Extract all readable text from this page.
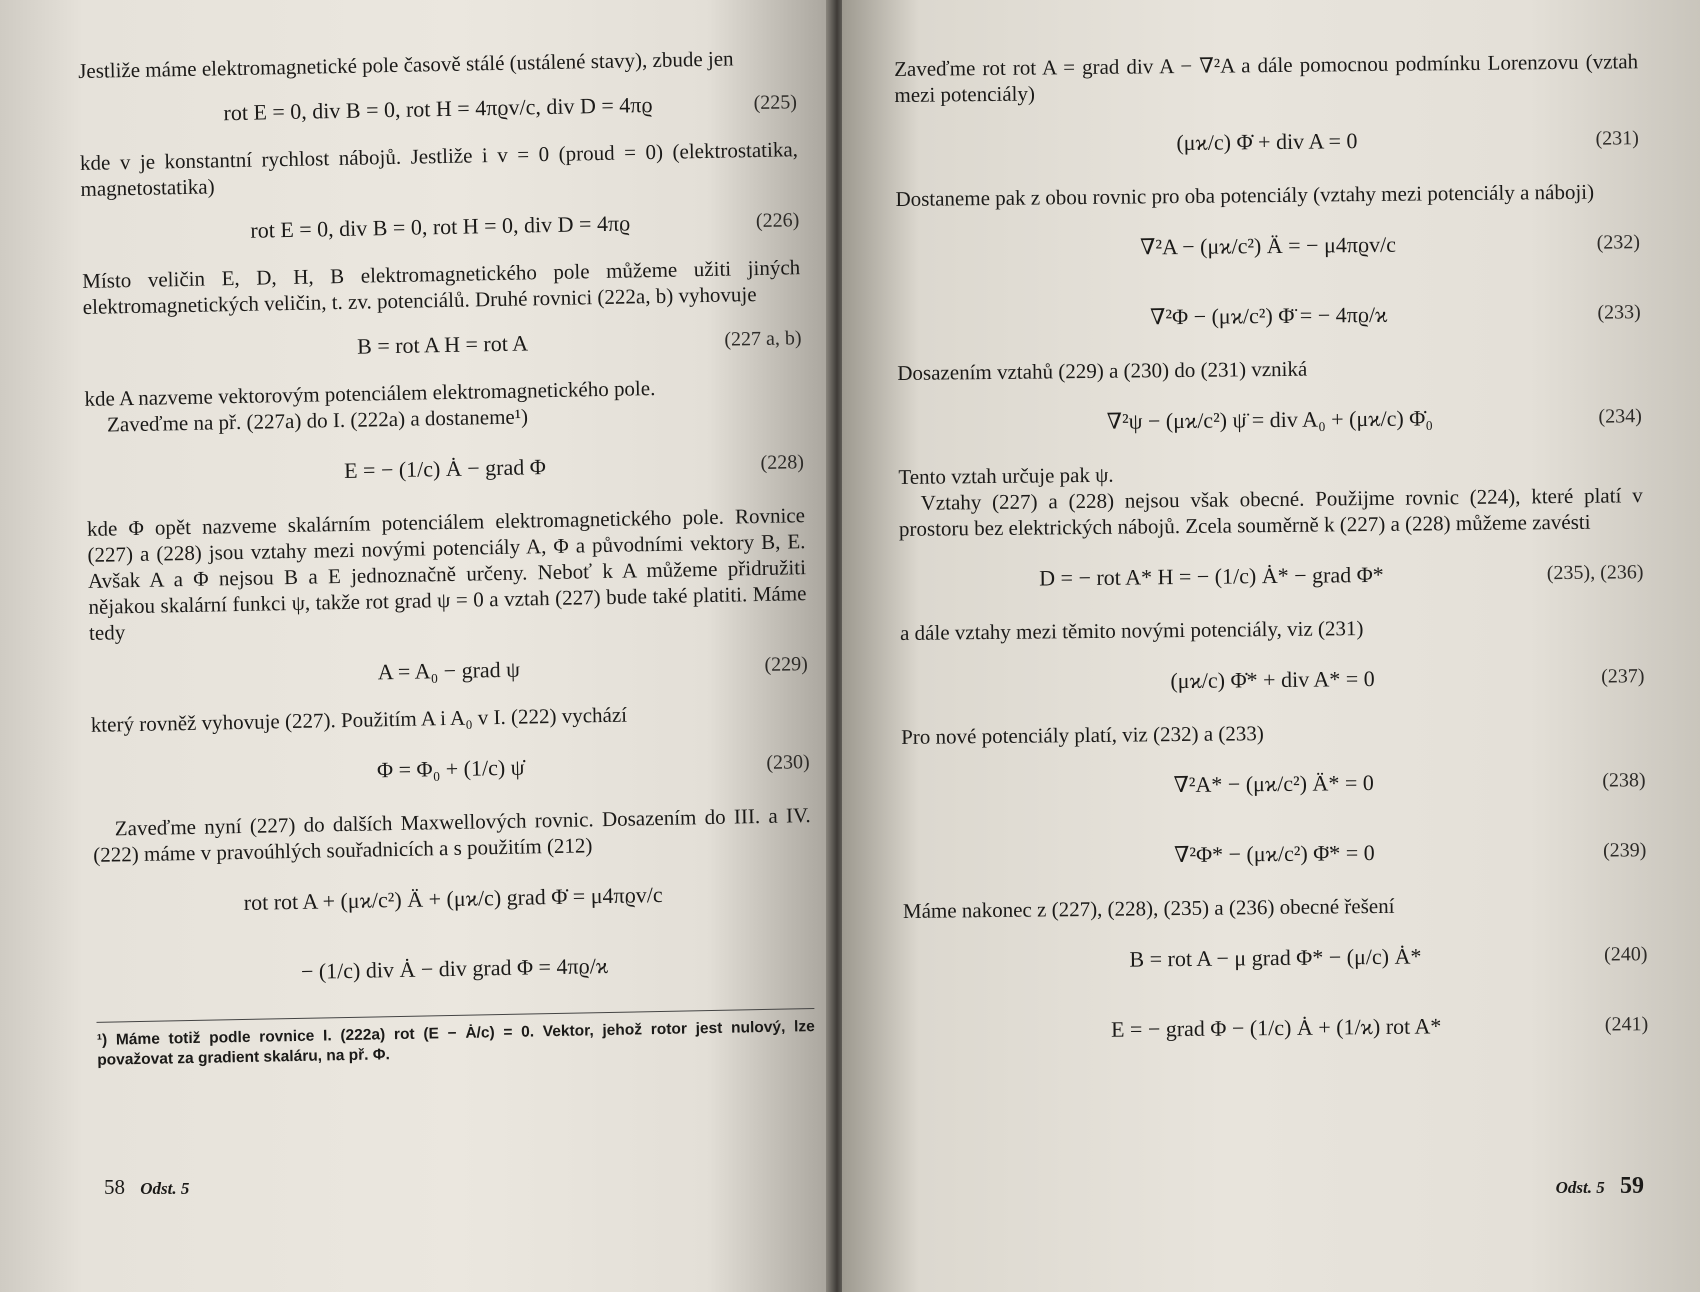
Jestliže máme elektromagnetické pole časově stálé (ustálené stavy), zbude jen

rot E = 0, div B = 0, rot H = 4πϱv/c, div D = 4πϱ	(225)

kde v je konstantní rychlost nábojů. Jestliže i v = 0 (proud = 0) (elektrostatika, magnetostatika)

rot E = 0, div B = 0, rot H = 0, div D = 4πϱ	(226)

Místo veličin E, D, H, B elektromagnetického pole můžeme užiti jiných elektromagnetických veličin, t. zv. potenciálů. Druhé rovnici (222a, b) vyhovuje

B = rot A H = rot A	(227 a, b)

kde A nazveme vektorovým potenciálem elektromagnetického pole.

Zaveďme na př. (227a) do I. (222a) a dostaneme¹)

E = − (1/c) Ȧ − grad Φ	(228)

kde Φ opět nazveme skalárním potenciálem elektromagnetického pole. Rovnice (227) a (228) jsou vztahy mezi novými potenciály A, Φ a původními vektory B, E. Avšak A a Φ nejsou B a E jednoznačně určeny. Neboť k A můžeme přidružiti nějakou skalární funkci ψ, takže rot grad ψ = 0 a vztah (227) bude také platiti. Máme tedy

A = A₀ − grad ψ	(229)

který rovněž vyhovuje (227). Použitím A i A₀ v I. (222) vychází

Φ = Φ₀ + (1/c) ψ̇	(230)

Zaveďme nyní (227) do dalších Maxwellových rovnic. Dosazením do III. a IV. (222) máme v pravoúhlých souřadnicích a s použitím (212)

rot rot A + (μϰ/c²) Ä + (μϰ/c) grad Φ̇ = μ4πϱv/c
− (1/c) div Ȧ − div grad Φ = 4πϱ/ϰ
¹) Máme totiž podle rovnice I. (222a) rot (E − Ȧ/c) = 0. Vektor, jehož rotor jest nulový, lze považovat za gradient skaláru, na př. Φ.
58 Odst. 5

Zaveďme rot rot A = grad div A − ∇²A a dále pomocnou podmínku Lorenzovu (vztah mezi potenciály)

(μϰ/c) Φ̇ + div A = 0	(231)

Dostaneme pak z obou rovnic pro oba potenciály (vztahy mezi potenciály a náboji)

∇²A − (μϰ/c²) Ä = − μ4πϱv/c	(232)
∇²Φ − (μϰ/c²) Φ̈ = − 4πϱ/ϰ	(233)

Dosazením vztahů (229) a (230) do (231) vzniká

∇²ψ − (μϰ/c²) ψ̈ = div A₀ + (μϰ/c) Φ̇₀	(234)

Tento vztah určuje pak ψ.

Vztahy (227) a (228) nejsou však obecné. Použijme rovnic (224), které platí v prostoru bez elektrických nábojů. Zcela souměrně k (227) a (228) můžeme zavésti

D = − rot A* H = − (1/c) Ȧ* − grad Φ*	(235), (236)

a dále vztahy mezi těmito novými potenciály, viz (231)

(μϰ/c) Φ̇* + div A* = 0	(237)

Pro nové potenciály platí, viz (232) a (233)

∇²A* − (μϰ/c²) Ä* = 0	(238)
∇²Φ* − (μϰ/c²) Φ̈* = 0	(239)

Máme nakonec z (227), (228), (235) a (236) obecné řešení

B = rot A − μ grad Φ* − (μ/c) Ȧ*	(240)
E = − grad Φ − (1/c) Ȧ + (1/ϰ) rot A*	(241)
Odst. 5 59
